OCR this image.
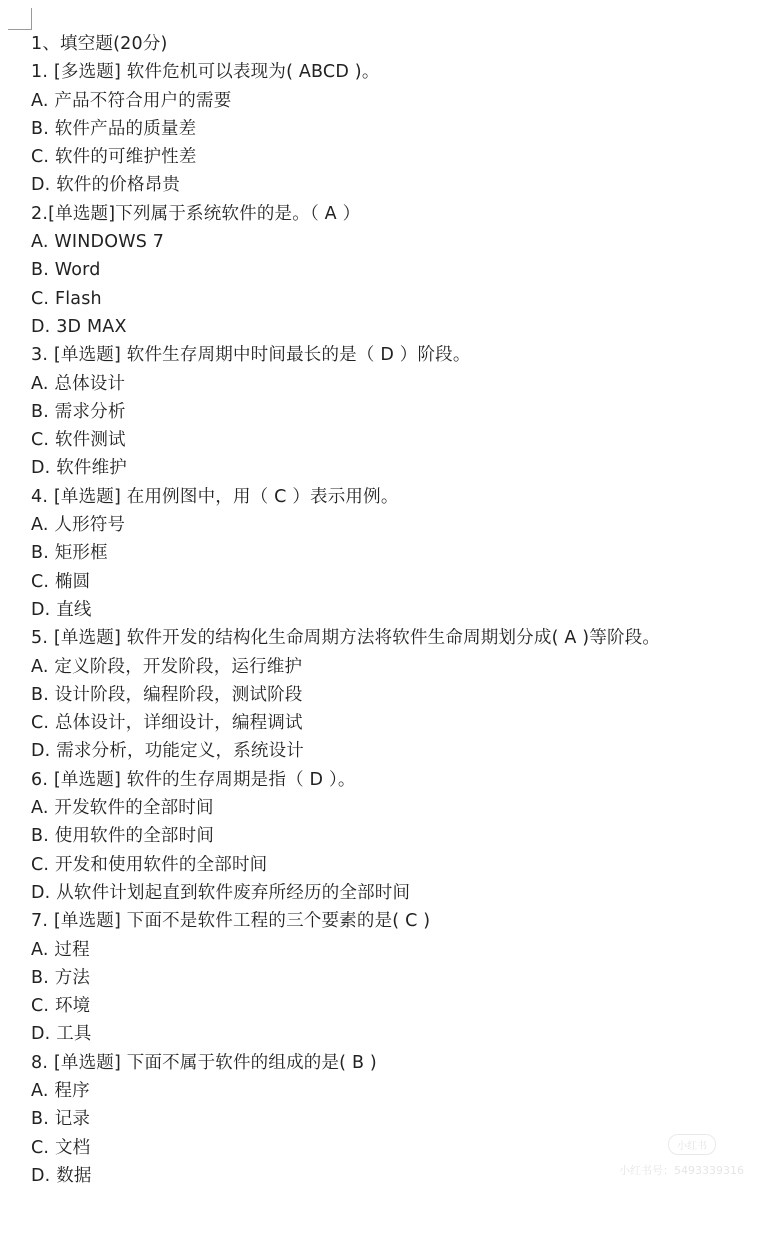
1、填空题(20分)
1. [多选题] 软件危机可以表现为( ABCD )。
A. 产品不符合用户的需要
B. 软件产品的质量差
C. 软件的可维护性差
D. 软件的价格昂贵
2.[单选题]下列属于系统软件的是。（ A ）
A. WINDOWS 7
B. Word
C. Flash
D. 3D MAX
3. [单选题] 软件生存周期中时间最长的是（ D ）阶段。
A. 总体设计
B. 需求分析
C. 软件测试
D. 软件维护
4. [单选题] 在用例图中，用（ C ）表示用例。
A. 人形符号
B. 矩形框
C. 椭圆
D. 直线
5. [单选题] 软件开发的结构化生命周期方法将软件生命周期划分成( A )等阶段。
A. 定义阶段，开发阶段，运行维护
B. 设计阶段，编程阶段，测试阶段
C. 总体设计，详细设计，编程调试
D. 需求分析，功能定义，系统设计
6. [单选题] 软件的生存周期是指（ D ）。
A. 开发软件的全部时间
B. 使用软件的全部时间
C. 开发和使用软件的全部时间
D. 从软件计划起直到软件废弃所经历的全部时间
7. [单选题] 下面不是软件工程的三个要素的是( C )
A. 过程
B. 方法
C. 环境
D. 工具
8. [单选题] 下面不属于软件的组成的是( B )
A. 程序
B. 记录
C. 文档
D. 数据
小红书
小红书号：5493339316
